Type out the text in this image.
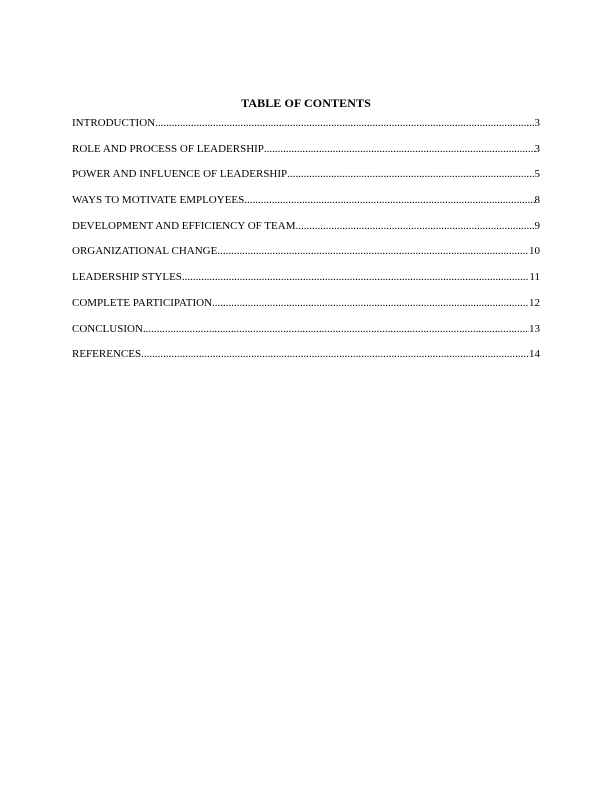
TABLE OF CONTENTS
INTRODUCTION .....	3
ROLE AND PROCESS OF LEADERSHIP .....	3
POWER AND INFLUENCE OF LEADERSHIP .....	5
WAYS TO MOTIVATE EMPLOYEES .....	8
DEVELOPMENT AND EFFICIENCY OF TEAM .....	9
ORGANIZATIONAL CHANGE .....	10
LEADERSHIP STYLES .....	11
COMPLETE PARTICIPATION .....	12
CONCLUSION .....	13
REFERENCES .....	14
